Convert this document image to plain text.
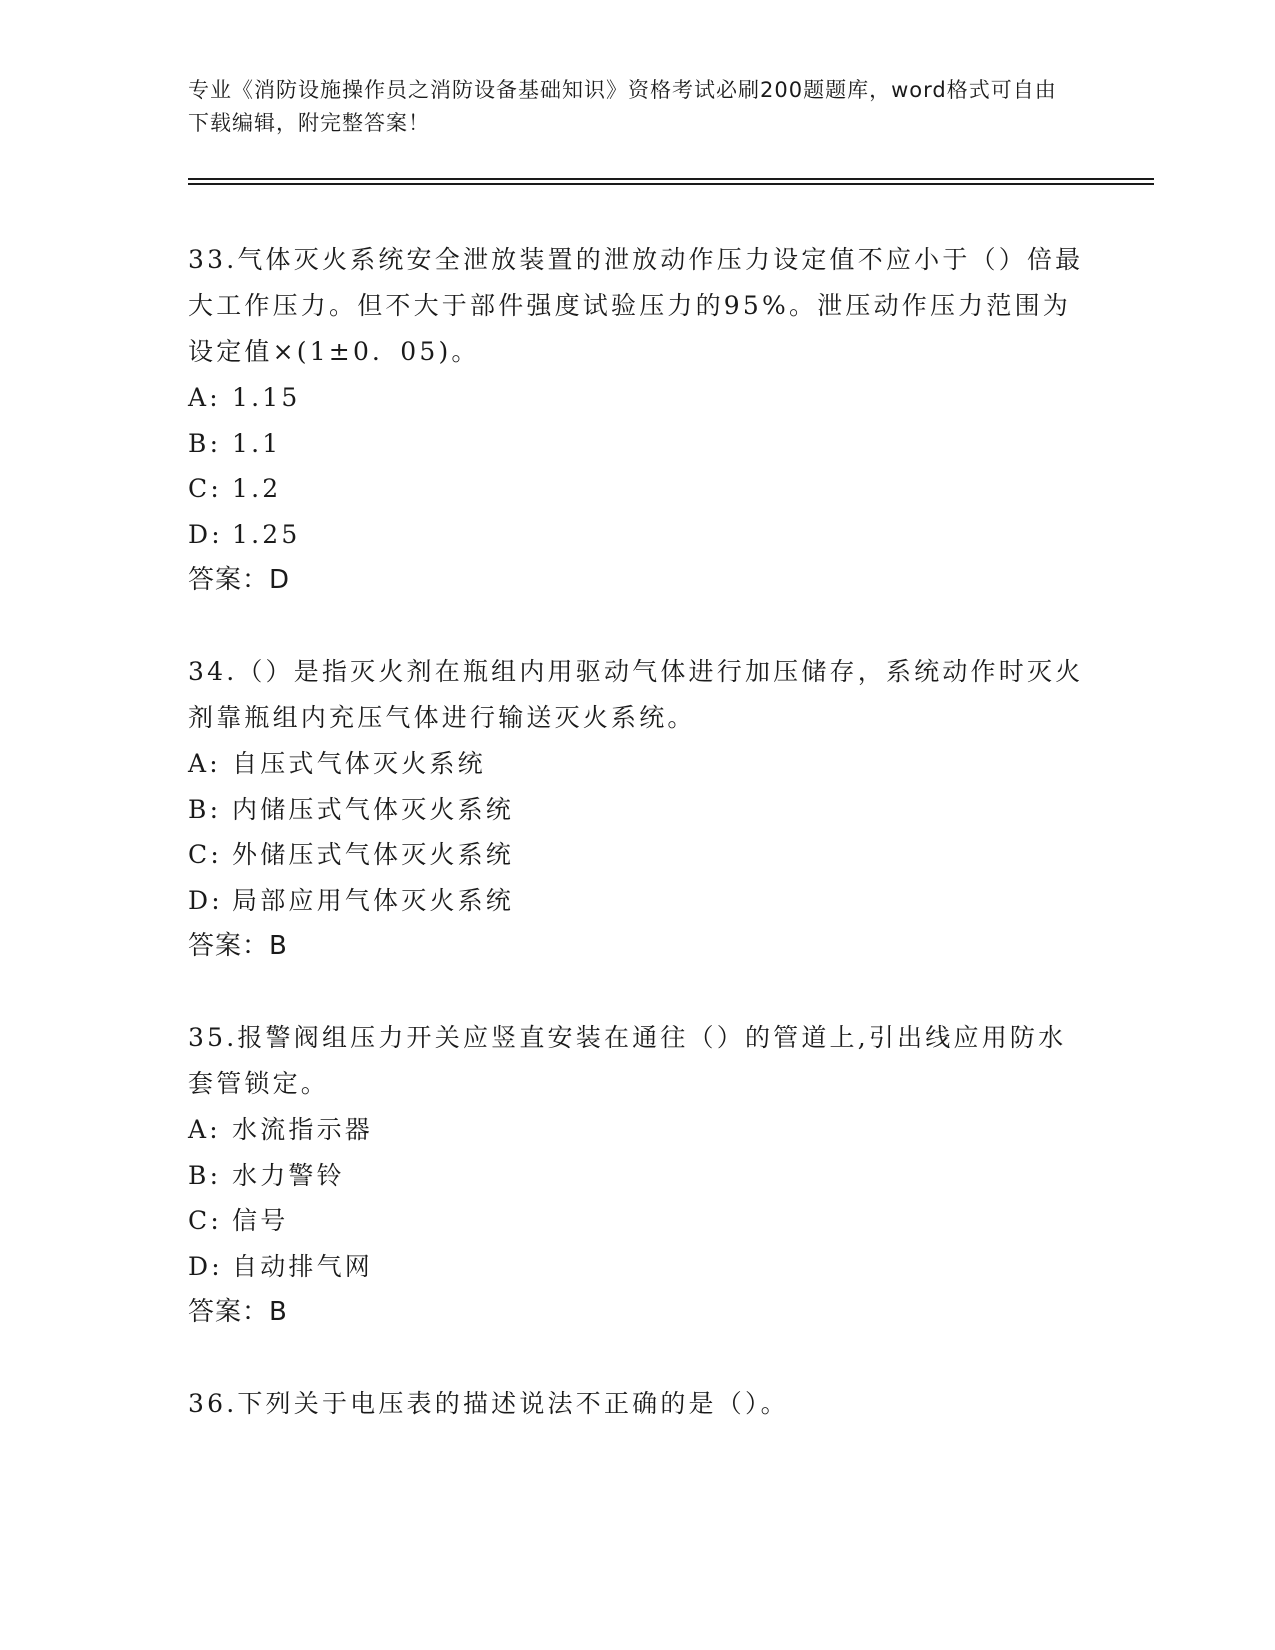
专业《消防设施操作员之消防设备基础知识》资格考试必刷200题题库，word格式可自由下载编辑，附完整答案！
33.气体灭火系统安全泄放装置的泄放动作压力设定值不应小于（）倍最大工作压力。但不大于部件强度试验压力的95%。泄压动作压力范围为设定值×(1±0．05)。
A: 1.15
B: 1.1
C: 1.2
D: 1.25
答案：D
34.（）是指灭火剂在瓶组内用驱动气体进行加压储存，系统动作时灭火剂靠瓶组内充压气体进行输送灭火系统。
A: 自压式气体灭火系统
B: 内储压式气体灭火系统
C: 外储压式气体灭火系统
D: 局部应用气体灭火系统
答案：B
35.报警阀组压力开关应竖直安装在通往（）的管道上,引出线应用防水套管锁定。
A: 水流指示器
B: 水力警铃
C: 信号
D: 自动排气网
答案：B
36.下列关于电压表的描述说法不正确的是（）。
